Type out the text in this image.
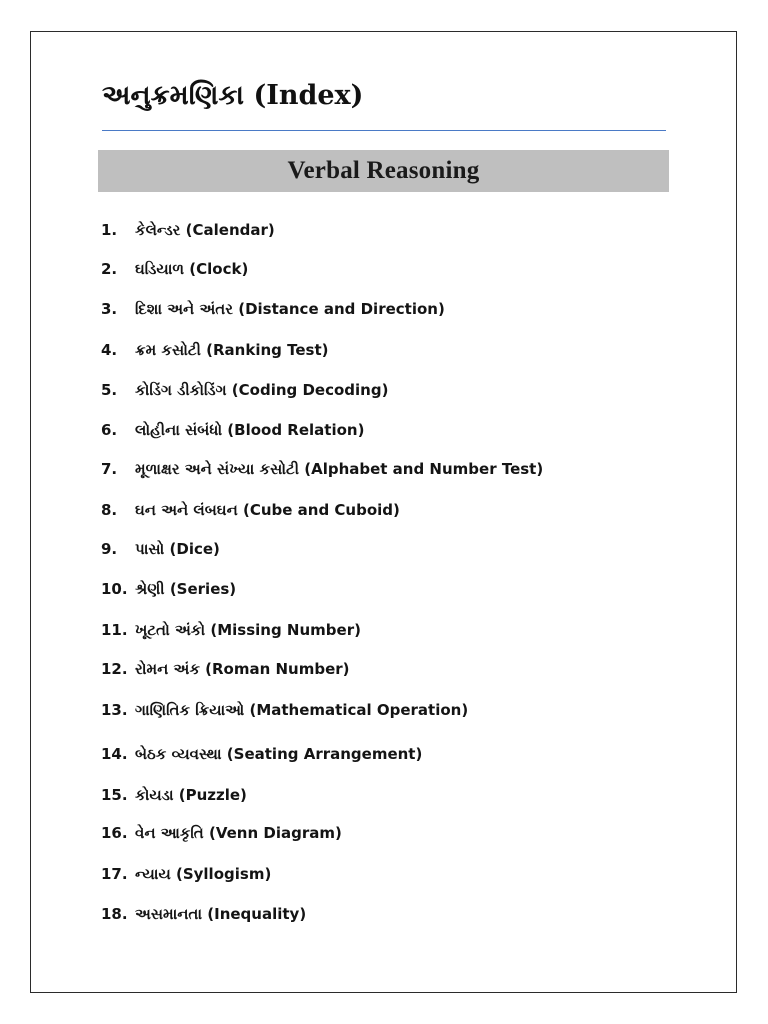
અનુક્રમણિકા (Index)
Verbal Reasoning
1.	કેલેન્ડર (Calendar)
2.	ઘડિયાળ (Clock)
3.	દિશા અને અંતર (Distance and Direction)
4.	ક્રમ કસોટી (Ranking Test)
5.	કોડિંગ ડીકોડિંગ (Coding Decoding)
6.	લોહીના સંબંધો (Blood Relation)
7.	મૂળાક્ષર અને સંખ્યા કસોટી (Alphabet and Number Test)
8.	ઘન અને લંબઘન (Cube and Cuboid)
9.	પાસો (Dice)
10. શ્રેણી (Series)
11. ખૂટતો અંકો (Missing Number)
12. રોમન અંક (Roman Number)
13. ગાણિતિક ક્રિયાઓ (Mathematical Operation)
14. બેઠક વ્યવસ્થા (Seating Arrangement)
15. કોયડા (Puzzle)
16. વેન આકૃતિ (Venn Diagram)
17. ન્યાય (Syllogism)
18. અસમાનતા (Inequality)
